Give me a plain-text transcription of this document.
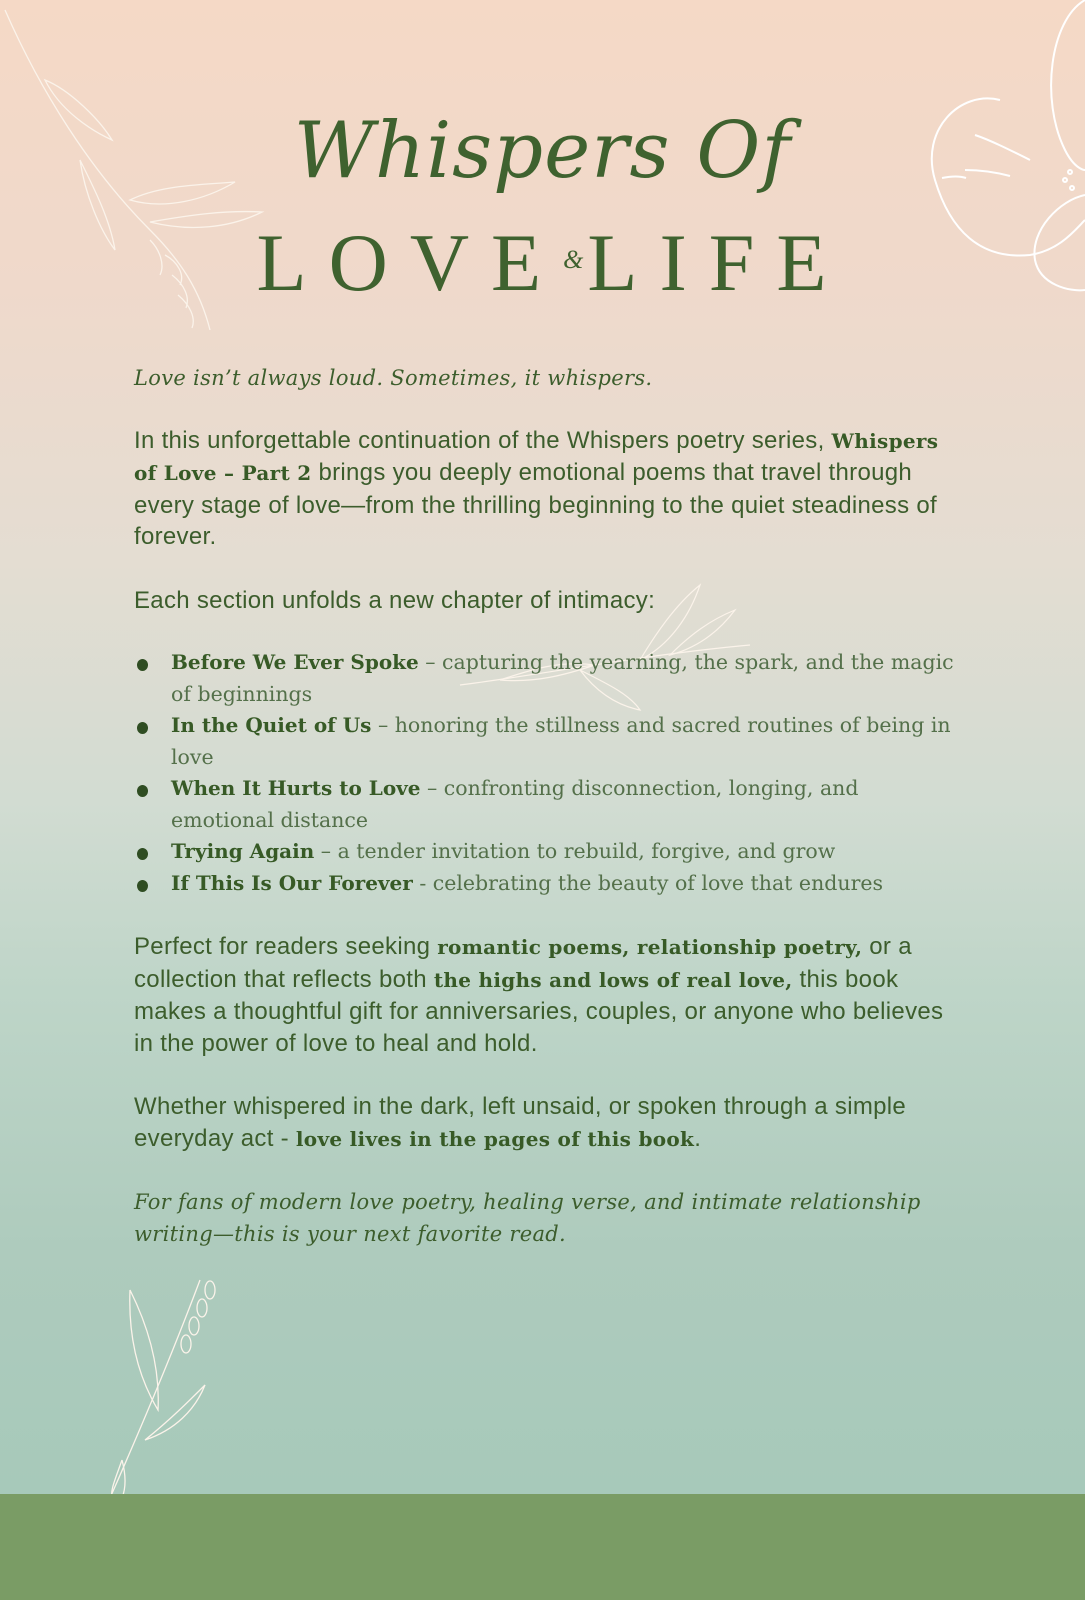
Whispers Of
LOVE&LIFE

Love isn’t always loud. Sometimes, it whispers.

In this unforgettable continuation of the Whispers poetry series, Whispers of Love – Part 2 brings you deeply emotional poems that travel through every stage of love—from the thrilling beginning to the quiet steadiness of forever.

Each section unfolds a new chapter of intimacy:

Before We Ever Spoke – capturing the yearning, the spark, and the magic of beginnings
In the Quiet of Us – honoring the stillness and sacred routines of being in love
When It Hurts to Love – confronting disconnection, longing, and emotional distance
Trying Again – a tender invitation to rebuild, forgive, and grow
If This Is Our Forever - celebrating the beauty of love that endures

Perfect for readers seeking romantic poems, relationship poetry, or a collection that reflects both the highs and lows of real love, this book makes a thoughtful gift for anniversaries, couples, or anyone who believes in the power of love to heal and hold.

Whether whispered in the dark, left unsaid, or spoken through a simple everyday act - love lives in the pages of this book.

For fans of modern love poetry, healing verse, and intimate relationship writing—this is your next favorite read.
